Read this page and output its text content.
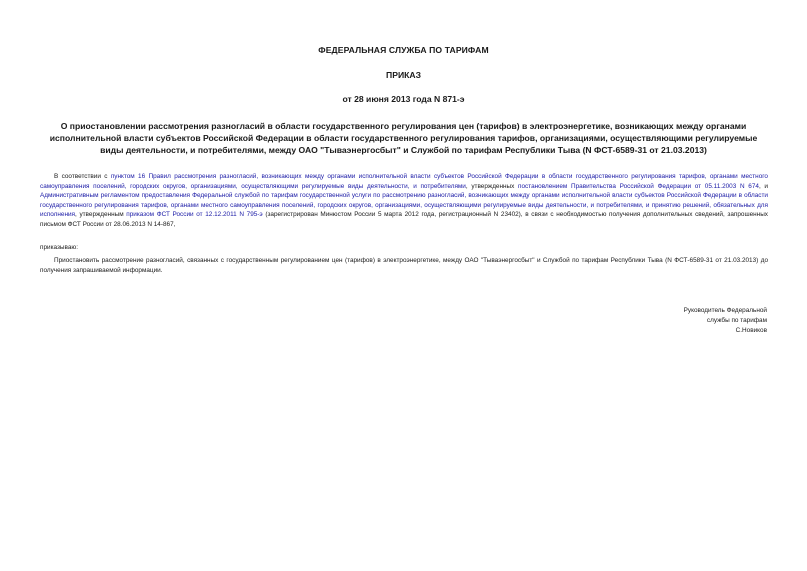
ФЕДЕРАЛЬНАЯ СЛУЖБА ПО ТАРИФАМ
ПРИКАЗ
от 28 июня 2013 года N 871-э
О приостановлении рассмотрения разногласий в области государственного регулирования цен (тарифов) в электроэнергетике, возникающих между органами исполнительной власти субъектов Российской Федерации в области государственного регулирования тарифов, организациями, осуществляющими регулируемые виды деятельности, и потребителями, между ОАО "Тываэнергосбыт" и Службой по тарифам Республики Тыва (N ФСТ-6589-31 от 21.03.2013)
В соответствии с пунктом 16 Правил рассмотрения разногласий, возникающих между органами исполнительной власти субъектов Российской Федерации в области государственного регулирования тарифов, органами местного самоуправления поселений, городских округов, организациями, осуществляющими регулируемые виды деятельности, и потребителями, утвержденных постановлением Правительства Российской Федерации от 05.11.2003 N 674, и Административным регламентом предоставления Федеральной службой по тарифам государственной услуги по рассмотрению разногласий, возникающих между органами исполнительной власти субъектов Российской Федерации в области государственного регулирования тарифов, органами местного самоуправления поселений, городских округов, организациями, осуществляющими регулируемые виды деятельности, и потребителями, и принятию решений, обязательных для исполнения, утвержденным приказом ФСТ России от 12.12.2011 N 795-э (зарегистрирован Минюстом России 5 марта 2012 года, регистрационный N 23402), в связи с необходимостью получения дополнительных сведений, запрошенных письмом ФСТ России от 28.06.2013 N 14-867,
приказываю:
Приостановить рассмотрение разногласий, связанных с государственным регулированием цен (тарифов) в электроэнергетике, между ОАО "Тываэнергосбыт" и Службой по тарифам Республики Тыва (N ФСТ-6589-31 от 21.03.2013) до получения запрашиваемой информации.
Руководитель Федеральной
службы по тарифам
С.Новиков
